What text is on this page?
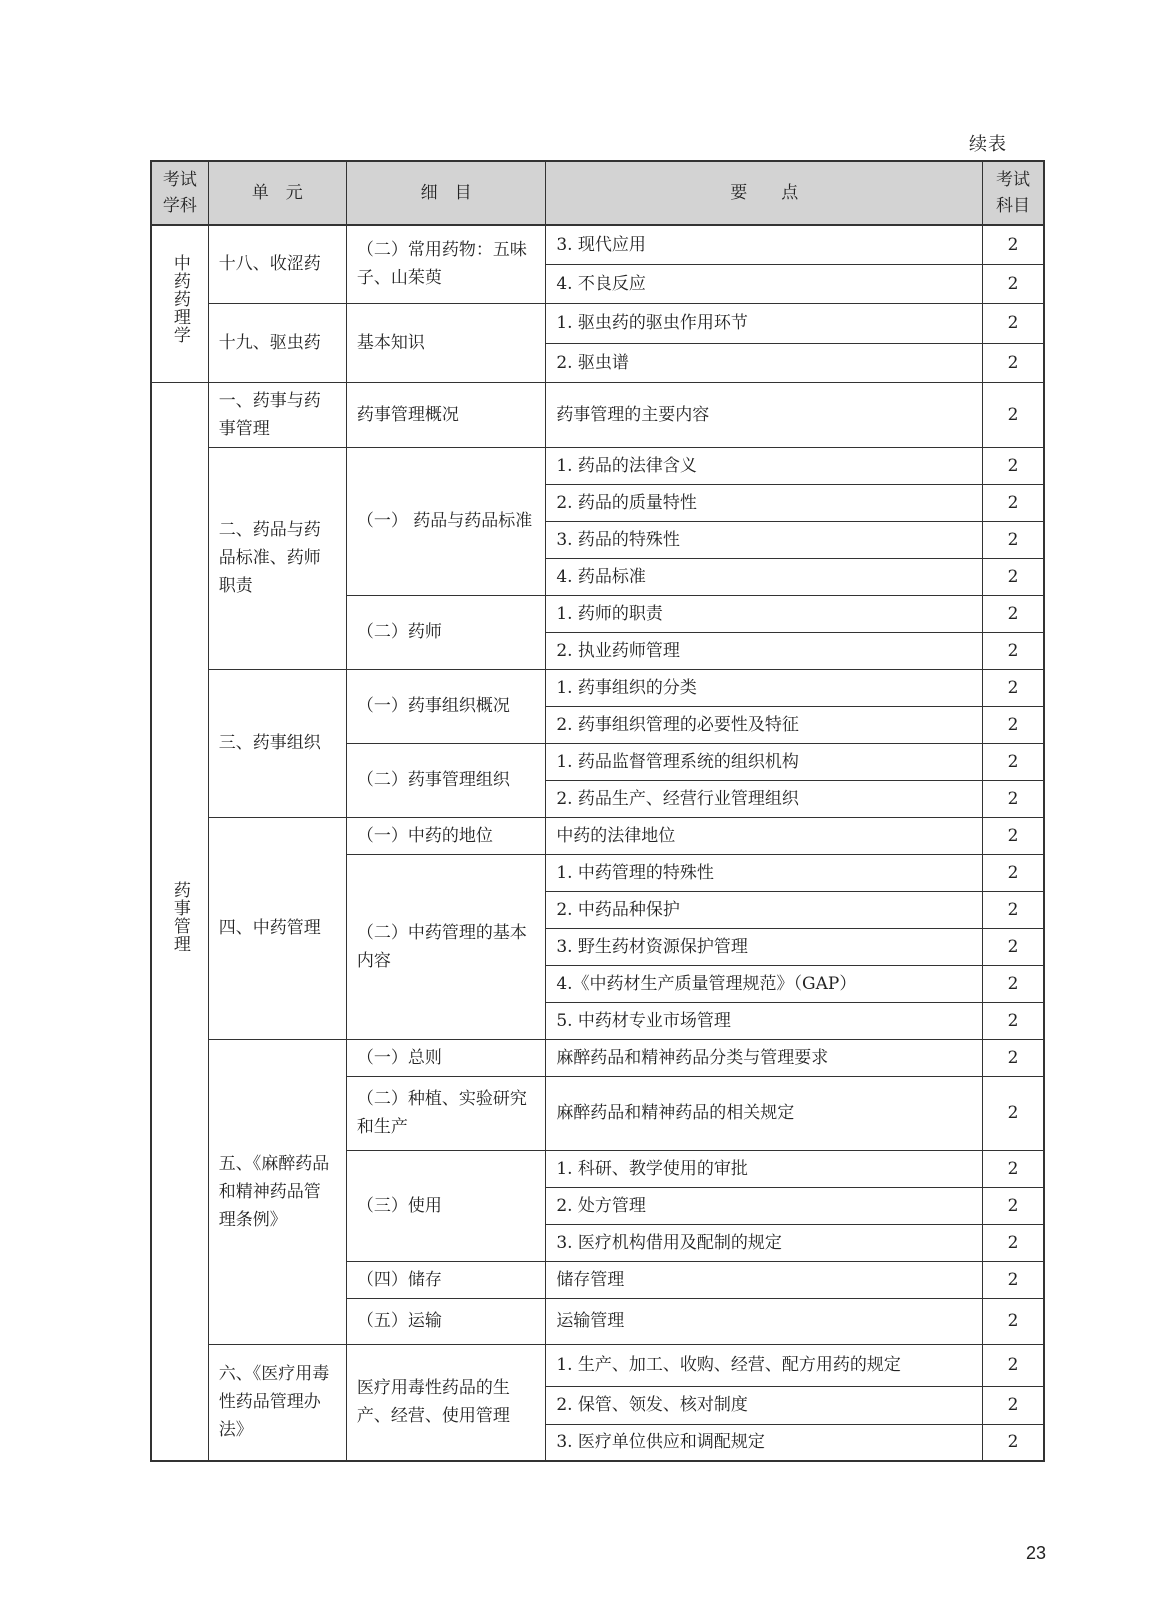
续表
考试学科	单　元	细　目	要　　点	考试科目
中药药理学	十八、收涩药	（二）常用药物：五味子、山茱萸	3. 现代应用	2
			4. 不良反应	2
	十九、驱虫药	基本知识	1. 驱虫药的驱虫作用环节	2
			2. 驱虫谱	2
药事管理	一、药事与药事管理	药事管理概况	药事管理的主要内容	2
	二、药品与药品标准、药师职责	（一） 药品与药品标准	1. 药品的法律含义	2
			2. 药品的质量特性	2
			3. 药品的特殊性	2
			4. 药品标准	2
		（二）药师	1. 药师的职责	2
			2. 执业药师管理	2
	三、药事组织	（一）药事组织概况	1. 药事组织的分类	2
			2. 药事组织管理的必要性及特征	2
		（二）药事管理组织	1. 药品监督管理系统的组织机构	2
			2. 药品生产、经营行业管理组织	2
	四、中药管理	（一）中药的地位	中药的法律地位	2
		（二）中药管理的基本内容	1. 中药管理的特殊性	2
			2. 中药品种保护	2
			3. 野生药材资源保护管理	2
			4.《中药材生产质量管理规范》（GAP）	2
			5. 中药材专业市场管理	2
	五、《麻醉药品和精神药品管理条例》	（一）总则	麻醉药品和精神药品分类与管理要求	2
		（二）种植、实验研究和生产	麻醉药品和精神药品的相关规定	2
		（三）使用	1. 科研、教学使用的审批	2
			2. 处方管理	2
			3. 医疗机构借用及配制的规定	2
		（四）储存	储存管理	2
		（五）运输	运输管理	2
	六、《医疗用毒性药品管理办法》	医疗用毒性药品的生产、经营、使用管理	1. 生产、加工、收购、经营、配方用药的规定	2
			2. 保管、领发、核对制度	2
			3. 医疗单位供应和调配规定	2
23
